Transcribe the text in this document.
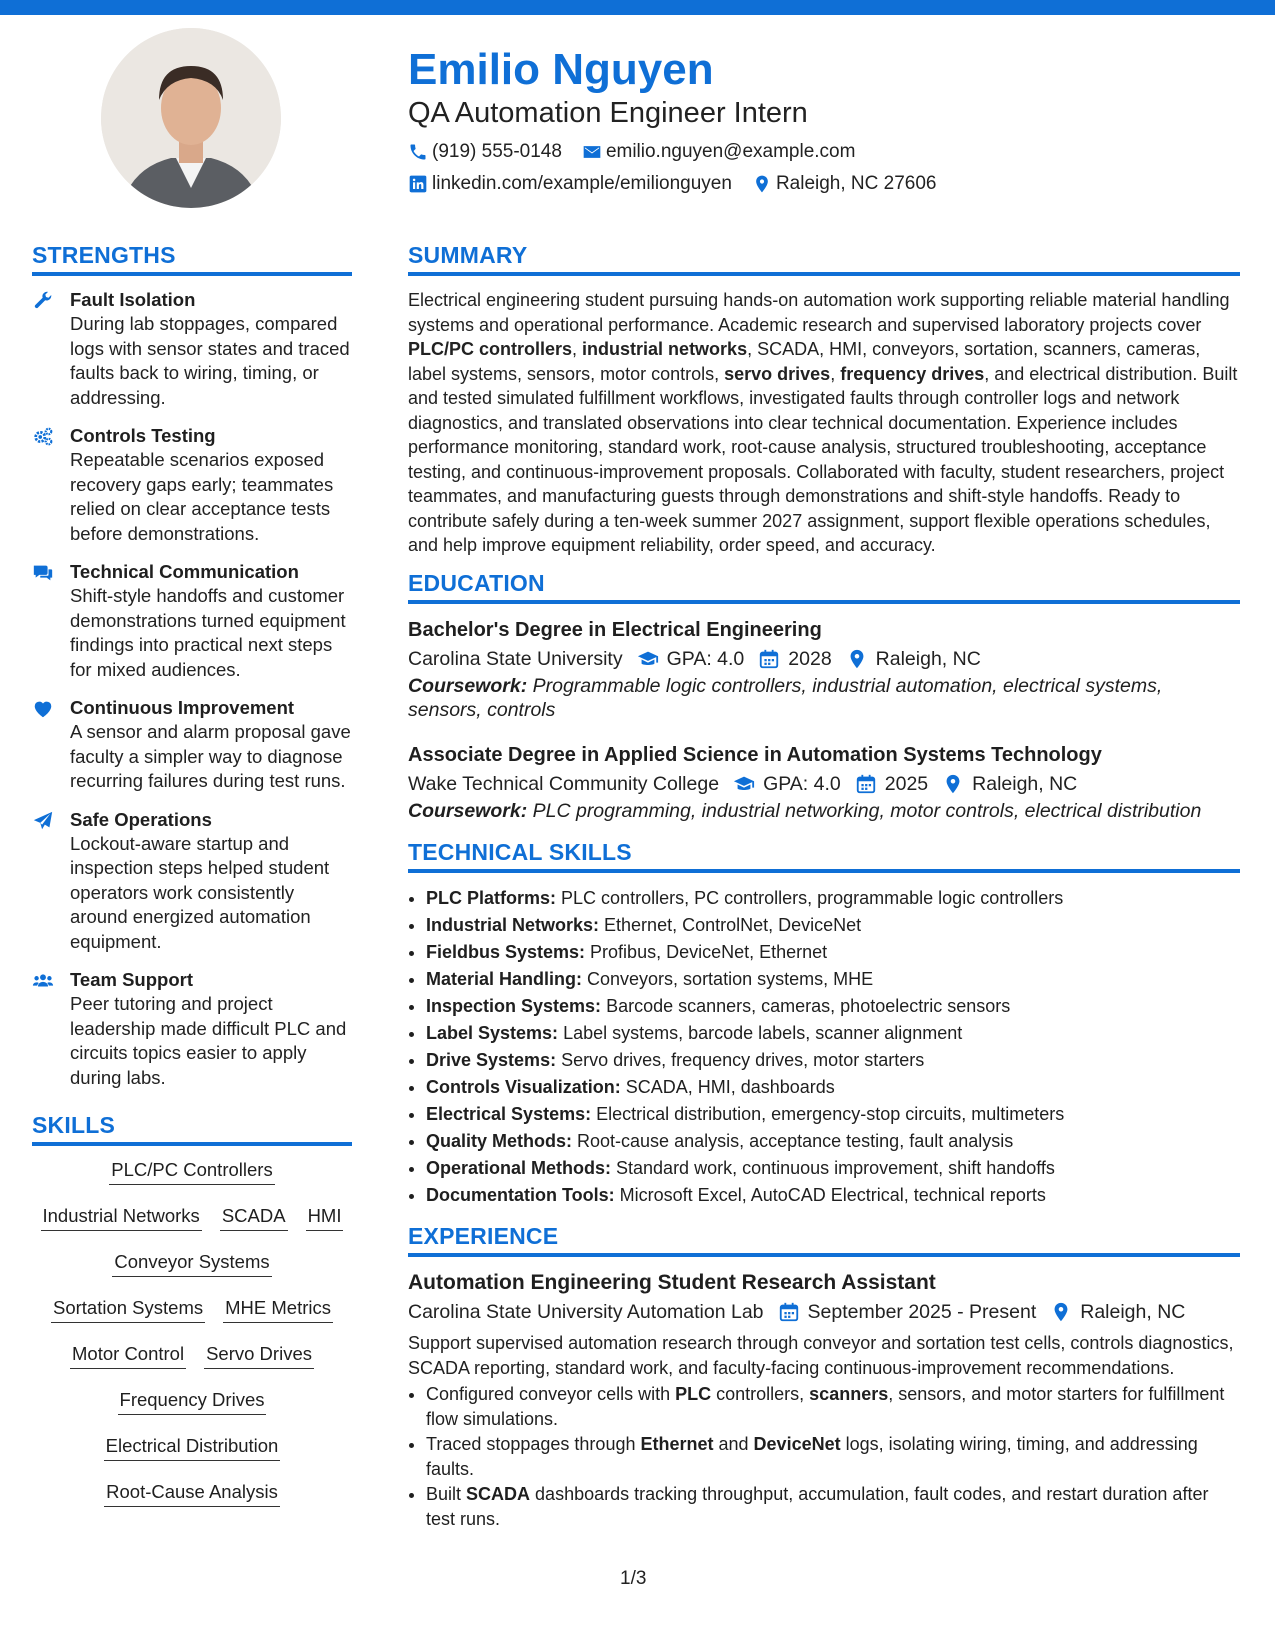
Emilio Nguyen
QA Automation Engineer Intern
(919) 555-0148 emilio.nguyen@example.com
linkedin.com/example/emilionguyen Raleigh, NC 27606
STRENGTHS
Fault Isolation
During lab stoppages, compared logs with sensor states and traced faults back to wiring, timing, or addressing.
Controls Testing
Repeatable scenarios exposed recovery gaps early; teammates relied on clear acceptance tests before demonstrations.
Technical Communication
Shift-style handoffs and customer demonstrations turned equipment findings into practical next steps for mixed audiences.
Continuous Improvement
A sensor and alarm proposal gave faculty a simpler way to diagnose recurring failures during test runs.
Safe Operations
Lockout-aware startup and inspection steps helped student operators work consistently around energized automation equipment.
Team Support
Peer tutoring and project leadership made difficult PLC and circuits topics easier to apply during labs.
SKILLS
PLC/PC Controllers
Industrial Networks SCADA HMI
Conveyor Systems
Sortation Systems MHE Metrics
Motor Control Servo Drives
Frequency Drives
Electrical Distribution
Root-Cause Analysis
SUMMARY

Electrical engineering student pursuing hands-on automation work supporting reliable material handling systems and operational performance. Academic research and supervised laboratory projects cover PLC/PC controllers, industrial networks, SCADA, HMI, conveyors, sortation, scanners, cameras, label systems, sensors, motor controls, servo drives, frequency drives, and electrical distribution. Built and tested simulated fulfillment workflows, investigated faults through controller logs and network diagnostics, and translated observations into clear technical documentation. Experience includes performance monitoring, standard work, root-cause analysis, structured troubleshooting, acceptance testing, and continuous-improvement proposals. Collaborated with faculty, student researchers, project teammates, and manufacturing guests through demonstrations and shift-style handoffs. Ready to contribute safely during a ten-week summer 2027 assignment, support flexible operations schedules, and help improve equipment reliability, order speed, and accuracy.

EDUCATION
Bachelor's Degree in Electrical Engineering
Carolina State University GPA: 4.0 2028 Raleigh, NC
Coursework: Programmable logic controllers, industrial automation, electrical systems, sensors, controls
Associate Degree in Applied Science in Automation Systems Technology
Wake Technical Community College GPA: 4.0 2025 Raleigh, NC
Coursework: PLC programming, industrial networking, motor controls, electrical distribution
TECHNICAL SKILLS
• PLC Platforms: PLC controllers, PC controllers, programmable logic controllers
• Industrial Networks: Ethernet, ControlNet, DeviceNet
• Fieldbus Systems: Profibus, DeviceNet, Ethernet
• Material Handling: Conveyors, sortation systems, MHE
• Inspection Systems: Barcode scanners, cameras, photoelectric sensors
• Label Systems: Label systems, barcode labels, scanner alignment
• Drive Systems: Servo drives, frequency drives, motor starters
• Controls Visualization: SCADA, HMI, dashboards
• Electrical Systems: Electrical distribution, emergency-stop circuits, multimeters
• Quality Methods: Root-cause analysis, acceptance testing, fault analysis
• Operational Methods: Standard work, continuous improvement, shift handoffs
• Documentation Tools: Microsoft Excel, AutoCAD Electrical, technical reports
EXPERIENCE
Automation Engineering Student Research Assistant
Carolina State University Automation Lab September 2025 - Present Raleigh, NC
Support supervised automation research through conveyor and sortation test cells, controls diagnostics, SCADA reporting, standard work, and faculty-facing continuous-improvement recommendations.
• Configured conveyor cells with PLC controllers, scanners, sensors, and motor starters for fulfillment flow simulations.
• Traced stoppages through Ethernet and DeviceNet logs, isolating wiring, timing, and addressing faults.
• Built SCADA dashboards tracking throughput, accumulation, fault codes, and restart duration after test runs.
1/3
